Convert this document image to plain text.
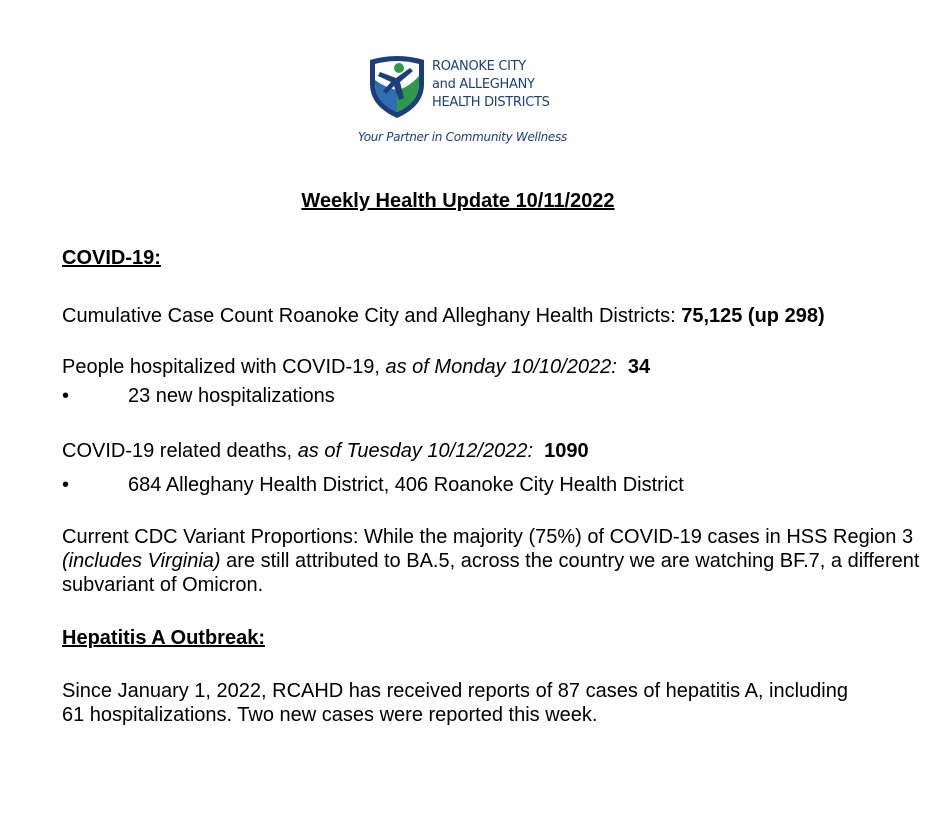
ROANOKE CITY
and ALLEGHANY
HEALTH DISTRICTS
Your Partner in Community Wellness
Weekly Health Update 10/11/2022
COVID-19:
Cumulative Case Count Roanoke City and Alleghany Health Districts: 75,125 (up 298)
People hospitalized with COVID-19, as of Monday 10/10/2022: 34
•	23 new hospitalizations
COVID-19 related deaths, as of Tuesday 10/12/2022: 1090
•	684 Alleghany Health District, 406 Roanoke City Health District
Current CDC Variant Proportions: While the majority (75%) of COVID-19 cases in HSS Region 3 (includes Virginia) are still attributed to BA.5, across the country we are watching BF.7, a different subvariant of Omicron.
Hepatitis A Outbreak:
Since January 1, 2022, RCAHD has received reports of 87 cases of hepatitis A, including 61 hospitalizations. Two new cases were reported this week.
